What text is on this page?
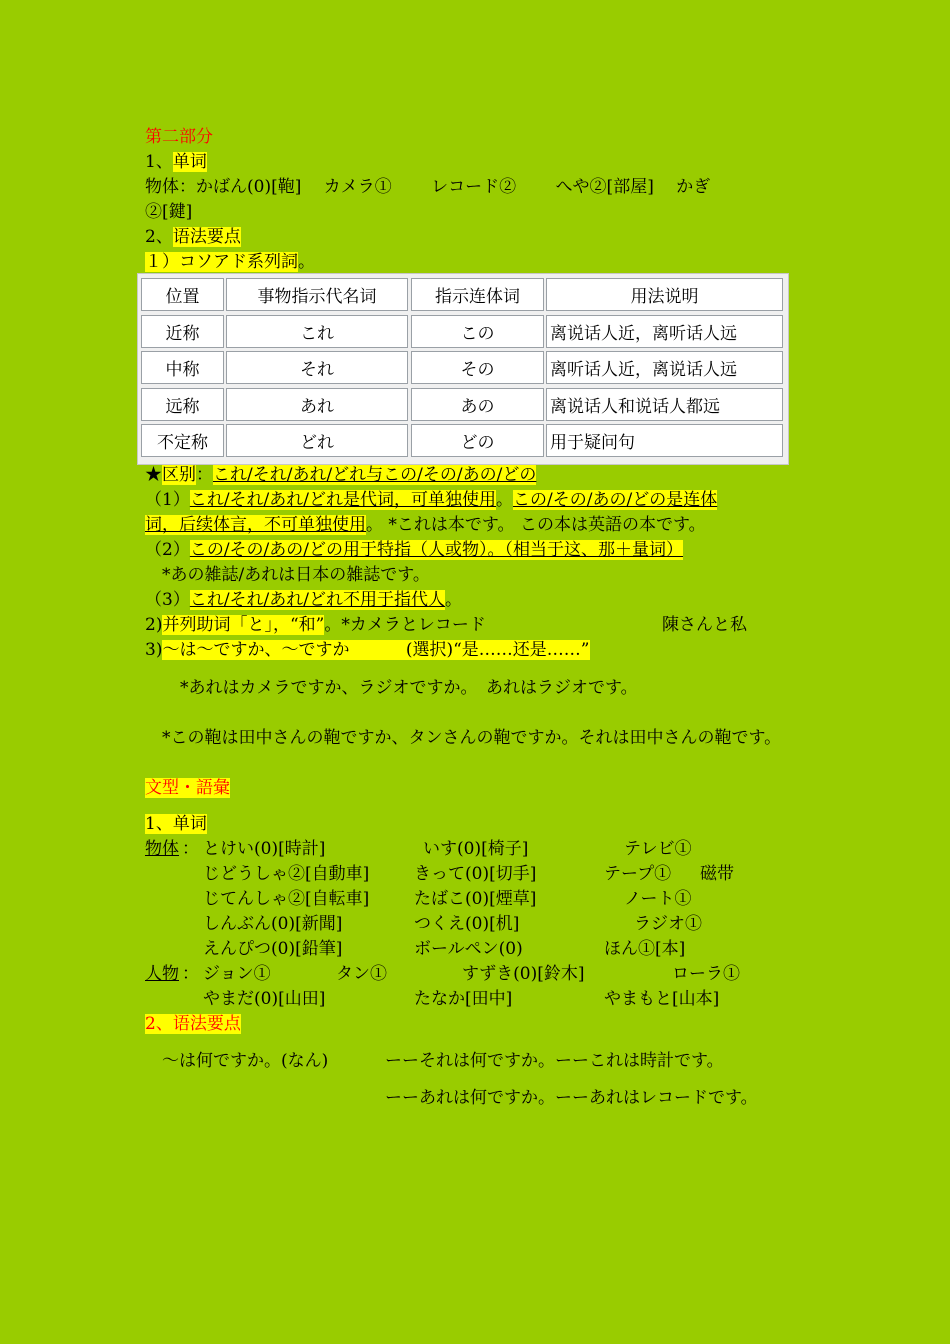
第二部分
1、单词
物体：かばん(0)[鞄]　 カメラ①　　 レコード②　　 へや②[部屋]　 かぎ
②[鍵]
2、语法要点
１）コソアド系列詞。
位置	事物指示代名词	指示连体词	用法说明
近称	これ	この	离说话人近，离听话人远
中称	それ	その	离听话人近，离说话人远
远称	あれ	あの	离说话人和说话人都远
不定称	どれ	どの	用于疑问句
★区别：これ/それ/あれ/どれ与この/その/あの/どの
（1）これ/それ/あれ/どれ是代词，可单独使用。この/その/あの/どの是连体
词，后续体言，不可单独使用。 *これは本です。 この本は英語の本です。
（2）この/その/あの/どの用于特指（人或物）。（相当于这、那＋量词）
*あの雑誌/あれは日本の雑誌です。
（3）これ/それ/あれ/どれ不用于指代人。
2)并列助词「と」，“和”。*カメラとレコード	陳さんと私
3)～は～ですか、～ですか　　　 (選択)“是……还是……”
*あれはカメラですか、ラジオですか。　あれはラジオです。
*この鞄は田中さんの鞄ですか、タンさんの鞄ですか。それは田中さんの鞄です。
文型・語彙
1、单词
物体 ： とけい(0)[時計]	いす(0)[椅子]	テレビ①
じどうしゃ②[自動車]	きって(0)[切手]	テープ① 磁带
じてんしゃ②[自転車]	たばこ(0)[煙草]	ノート①
しんぶん(0)[新聞]	つくえ(0)[机]	ラジオ①
えんぴつ(0)[鉛筆]	ボールペン(0)	ほん①[本]
人物 ： ジョン①	タン①	すずき(0)[鈴木]	ローラ①
やまだ(0)[山田]	たなか[田中]	やまもと[山本]
2、语法要点
～は何ですか。(なん)	ーーそれは何ですか。ーーこれは時計です。
ーーあれは何ですか。ーーあれはレコードです。
